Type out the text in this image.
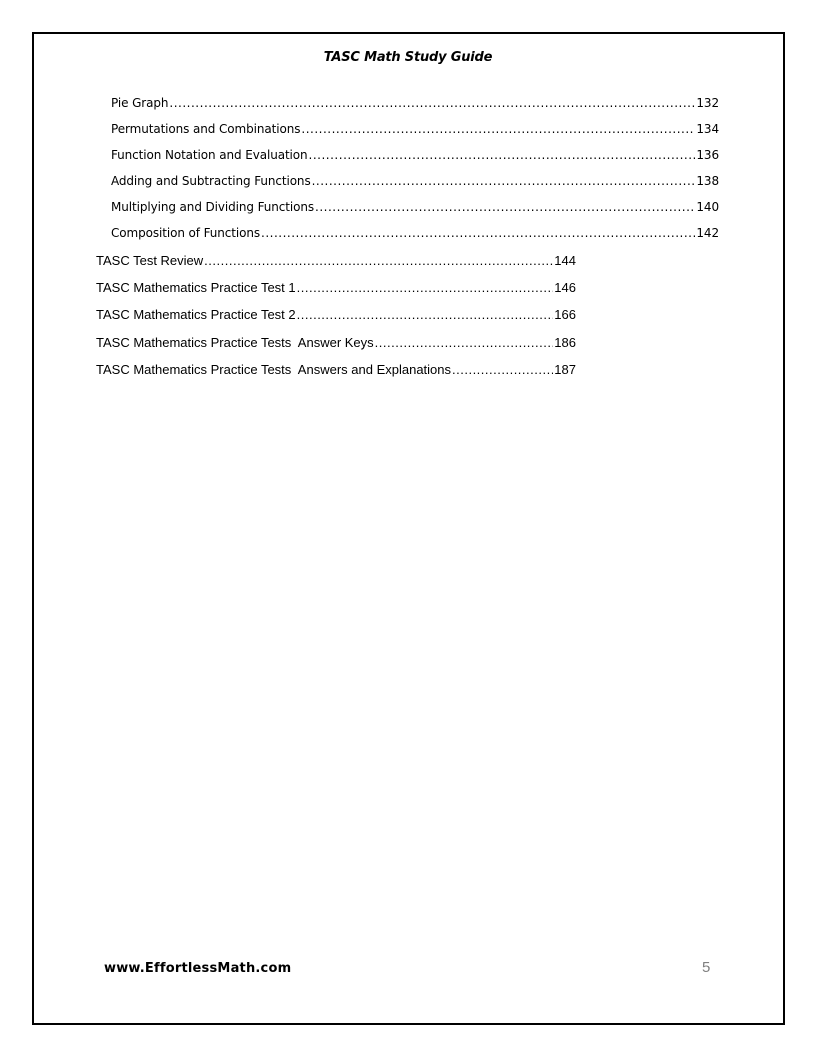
TASC Math Study Guide
Pie Graph .....	132
Permutations and Combinations .....	134
Function Notation and Evaluation .....	136
Adding and Subtracting Functions .....	138
Multiplying and Dividing Functions .....	140
Composition of Functions .....	142
TASC Test Review .....	144
TASC Mathematics Practice Test 1 .....	146
TASC Mathematics Practice Test 2 .....	166
TASC Mathematics Practice Tests  Answer Keys .....	186
TASC Mathematics Practice Tests  Answers and Explanations .....	187
www.EffortlessMath.com	5
